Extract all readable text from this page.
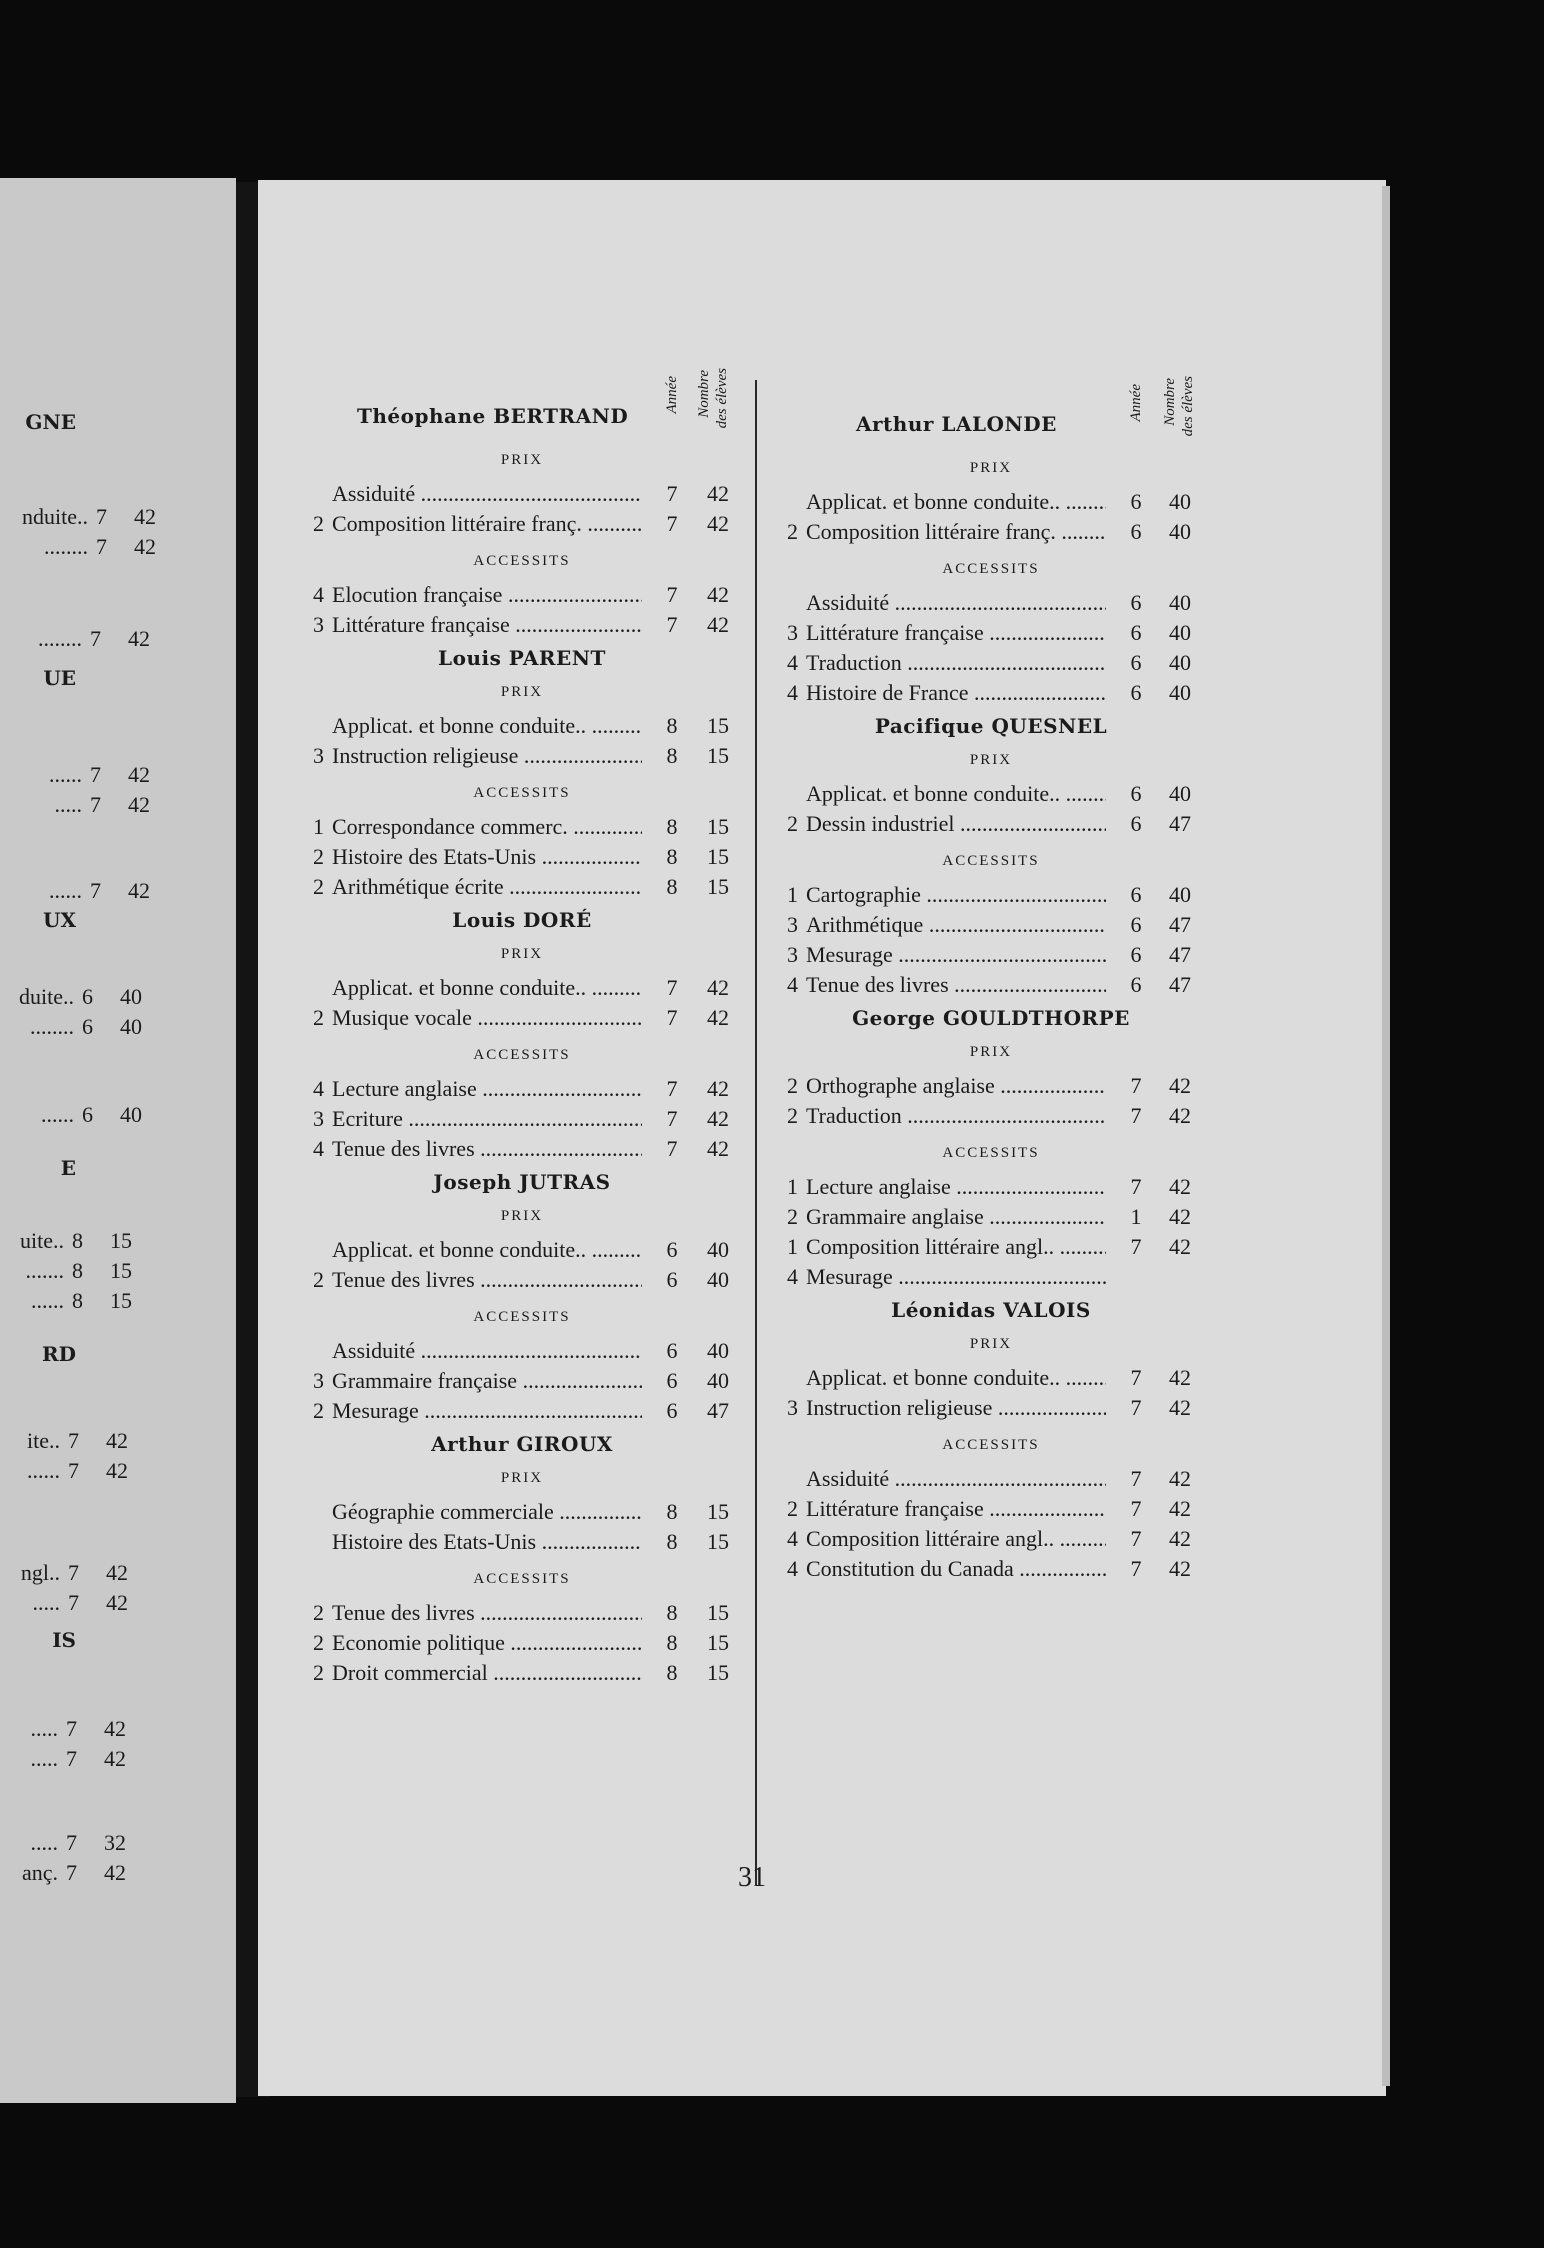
GNE
UE
UX
E
RD
IS
nduite.. 7 42
........ 7 42
........ 7 42
...... 7 42
..... 7 42
...... 7 42
duite.. 6 40
........ 6 40
...... 6 40
uite.. 8 15
....... 8 15
...... 8 15
ite.. 7 42
...... 7 42
ngl.. 7 42
..... 7 42
..... 7 42
..... 7 42
..... 7 32
anç. 7 42
Théophane BERTRAND
Année Nombre des élèves
PRIX
Assiduité .....	7	42
2 Composition littéraire franç. .....	7	42
ACCESSITS
4 Elocution française .....	7	42
3 Littérature française .....	7	42
Louis PARENT
PRIX
Applicat. et bonne conduite.. .....	8	15
3 Instruction religieuse .....	8	15
ACCESSITS
1 Correspondance commerc. .....	8	15
2 Histoire des Etats-Unis .....	8	15
2 Arithmétique écrite .....	8	15
Louis DORÉ
PRIX
Applicat. et bonne conduite.. .....	7	42
2 Musique vocale .....	7	42
ACCESSITS
4 Lecture anglaise .....	7	42
3 Ecriture .....	7	42
4 Tenue des livres .....	7	42
Joseph JUTRAS
PRIX
Applicat. et bonne conduite.. .....	6	40
2 Tenue des livres .....	6	40
ACCESSITS
Assiduité .....	6	40
3 Grammaire française .....	6	40
2 Mesurage .....	6	47
Arthur GIROUX
PRIX
Géographie commerciale .....	8	15
Histoire des Etats-Unis .....	8	15
ACCESSITS
2 Tenue des livres .....	8	15
2 Economie politique .....	8	15
2 Droit commercial .....	8	15
Arthur LALONDE
Année Nombre des élèves
PRIX
Applicat. et bonne conduite.. .....	6	40
2 Composition littéraire franç. .....	6	40
ACCESSITS
Assiduité .....	6	40
3 Littérature française .....	6	40
4 Traduction .....	6	40
4 Histoire de France .....	6	40
Pacifique QUESNEL
PRIX
Applicat. et bonne conduite.. .....	6	40
2 Dessin industriel .....	6	47
ACCESSITS
1 Cartographie .....	6	40
3 Arithmétique .....	6	47
3 Mesurage .....	6	47
4 Tenue des livres .....	6	47
George GOULDTHORPE
PRIX
2 Orthographe anglaise .....	7	42
2 Traduction .....	7	42
ACCESSITS
1 Lecture anglaise .....	7	42
2 Grammaire anglaise .....	1	42
1 Composition littéraire angl.. .....	7	42
4 Mesurage .....
Léonidas VALOIS
PRIX
Applicat. et bonne conduite.. .....	7	42
3 Instruction religieuse .....	7	42
ACCESSITS
Assiduité .....	7	42
2 Littérature française .....	7	42
4 Composition littéraire angl.. .....	7	42
4 Constitution du Canada .....	7	42
31
